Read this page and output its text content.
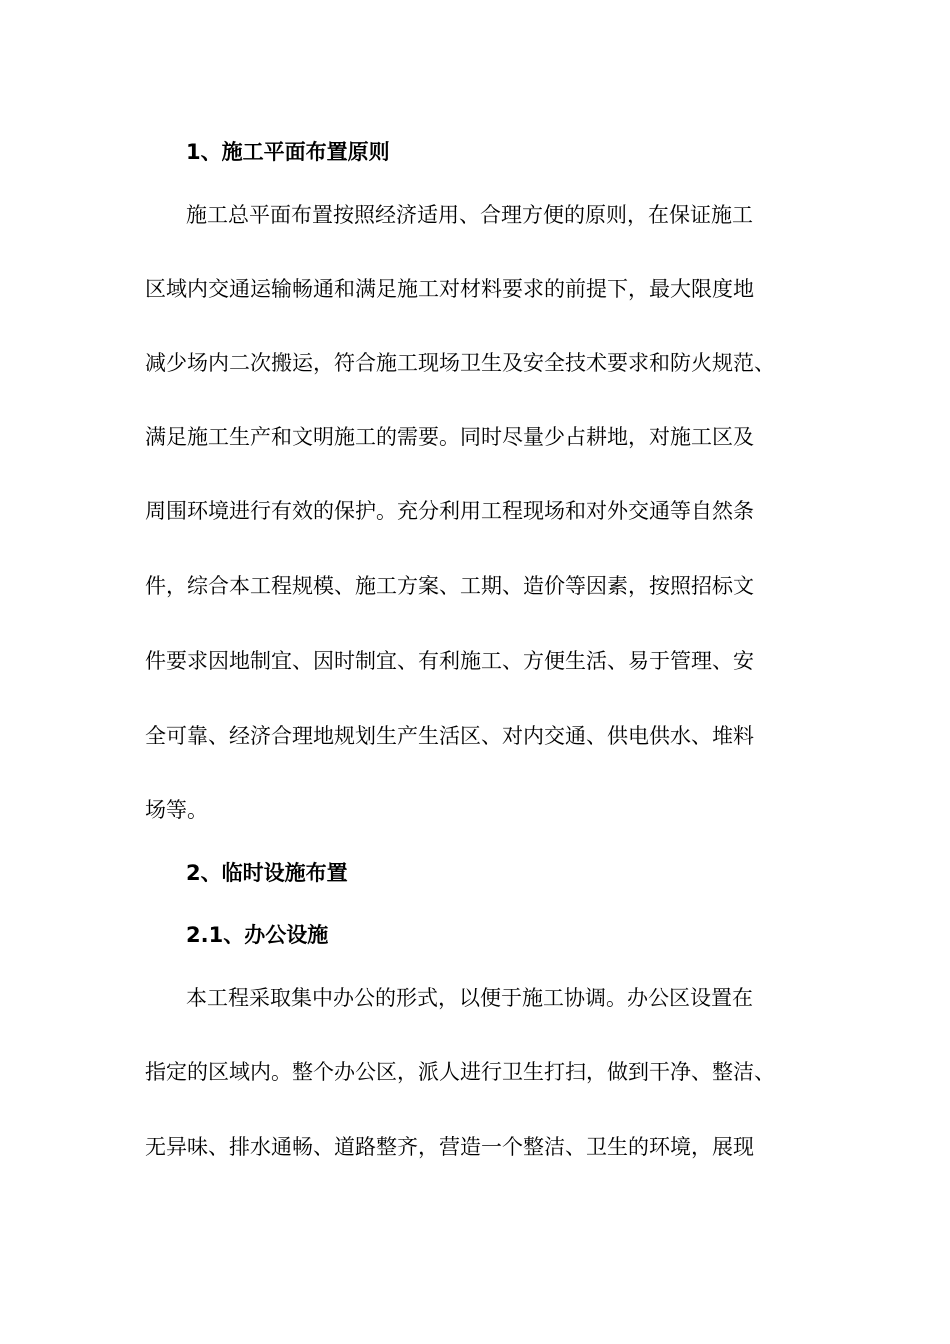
1、施工平面布置原则
施工总平面布置按照经济适用、合理方便的原则，在保证施工
区域内交通运输畅通和满足施工对材料要求的前提下，最大限度地
减少场内二次搬运，符合施工现场卫生及安全技术要求和防火规范、
满足施工生产和文明施工的需要。同时尽量少占耕地，对施工区及
周围环境进行有效的保护。充分利用工程现场和对外交通等自然条
件，综合本工程规模、施工方案、工期、造价等因素，按照招标文
件要求因地制宜、因时制宜、有利施工、方便生活、易于管理、安
全可靠、经济合理地规划生产生活区、对内交通、供电供水、堆料
场等。
2、临时设施布置
2.1、办公设施
本工程采取集中办公的形式，以便于施工协调。办公区设置在
指定的区域内。整个办公区，派人进行卫生打扫，做到干净、整洁、
无异味、排水通畅、道路整齐，营造一个整洁、卫生的环境，展现
